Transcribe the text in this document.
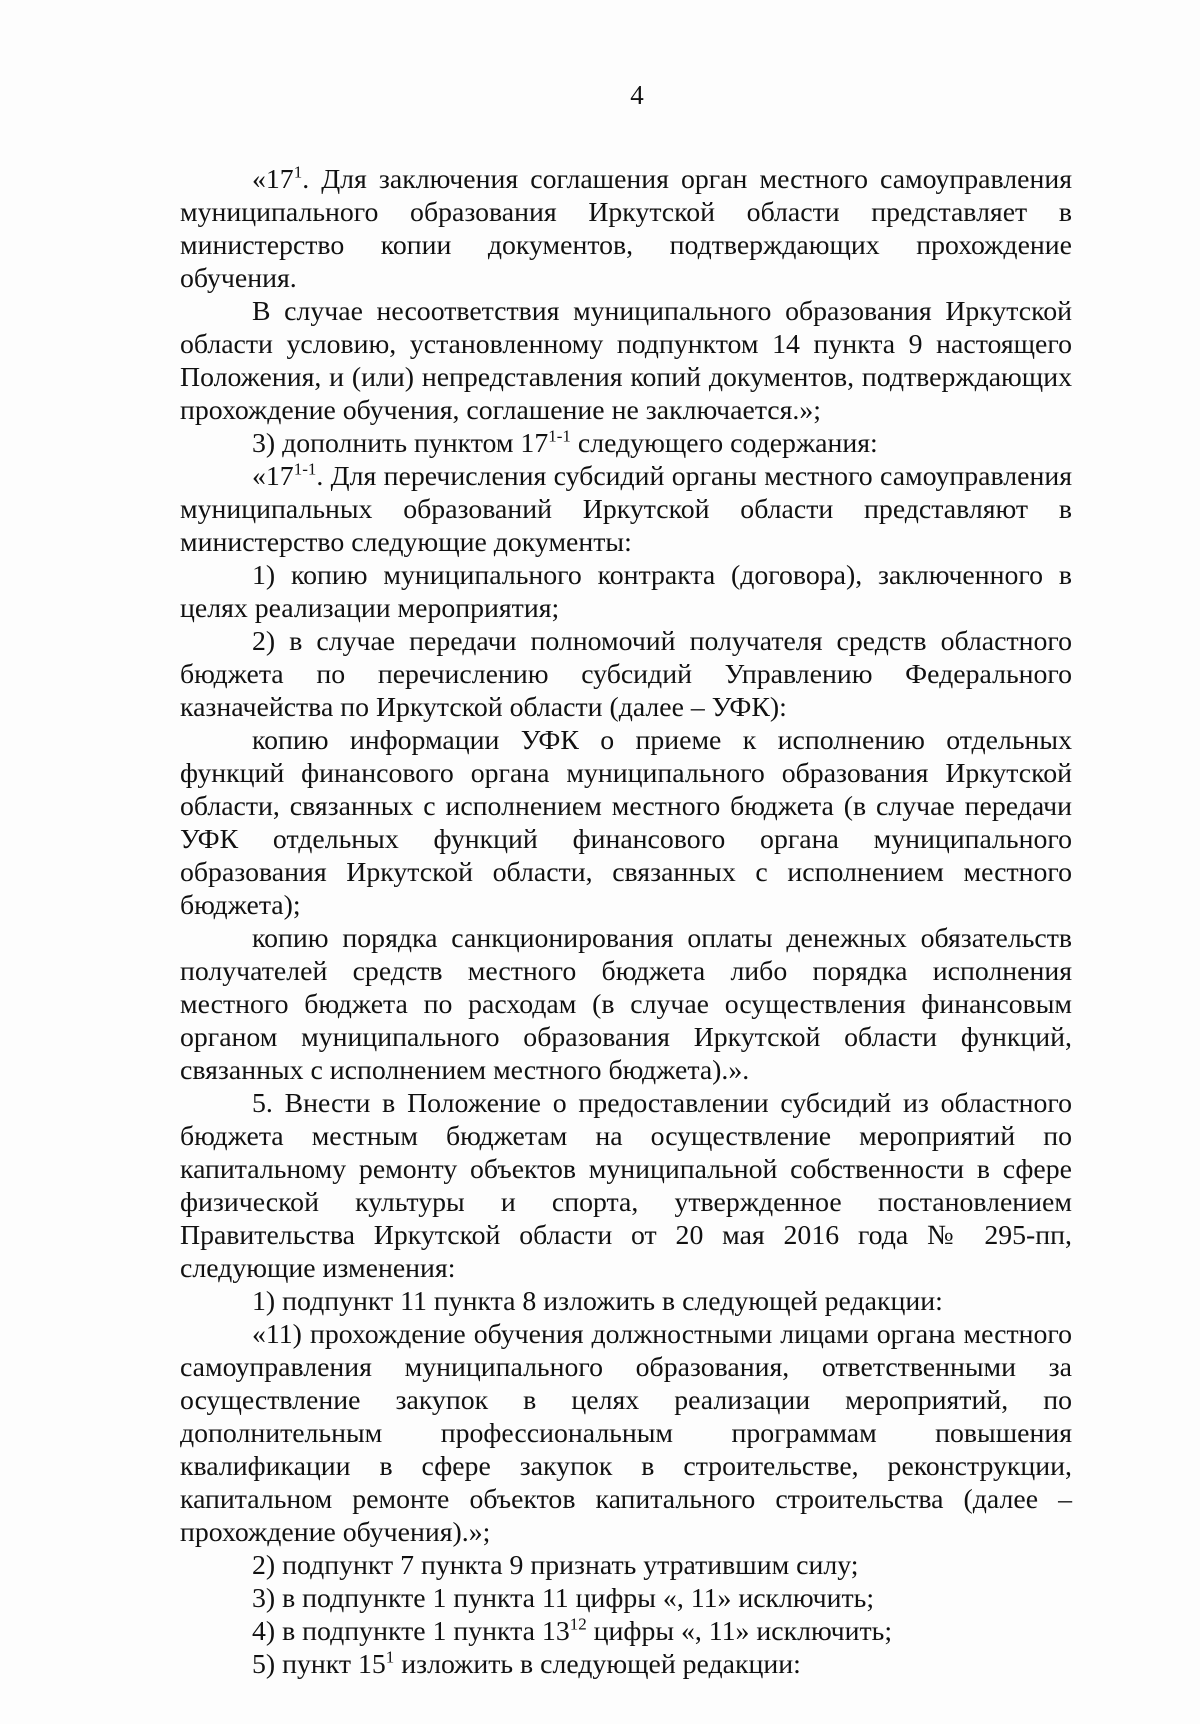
4

«$17^1$. Для заключения соглашения орган местного самоуправления муниципального образования Иркутской области представляет в министерство копии документов, подтверждающих прохождение обучения.

В случае несоответствия муниципального образования Иркутской области условию, установленному подпунктом 14 пункта 9 настоящего Положения, и (или) непредставления копий документов, подтверждающих прохождение обучения, соглашение не заключается.»;

3) дополнить пунктом 17$^{1-1}$ следующего содержания:

«17$^{1-1}$. Для перечисления субсидий органы местного самоуправления муниципальных образований Иркутской области представляют в министерство следующие документы:

1) копию муниципального контракта (договора), заключенного в целях реализации мероприятия;

2) в случае передачи полномочий получателя средств областного бюджета по перечислению субсидий Управлению Федерального казначейства по Иркутской области (далее – УФК):

копию информации УФК о приеме к исполнению отдельных функций финансового органа муниципального образования Иркутской области, связанных с исполнением местного бюджета (в случае передачи УФК отдельных функций финансового органа муниципального образования Иркутской области, связанных с исполнением местного бюджета);

копию порядка санкционирования оплаты денежных обязательств получателей средств местного бюджета либо порядка исполнения местного бюджета по расходам (в случае осуществления финансовым органом муниципального образования Иркутской области функций, связанных с исполнением местного бюджета).».

5. Внести в Положение о предоставлении субсидий из областного бюджета местным бюджетам на осуществление мероприятий по капитальному ремонту объектов муниципальной собственности в сфере физической культуры и спорта, утвержденное постановлением Правительства Иркутской области от 20 мая 2016 года № 295-пп, следующие изменения:

1) подпункт 11 пункта 8 изложить в следующей редакции:

«11) прохождение обучения должностными лицами органа местного самоуправления муниципального образования, ответственными за осуществление закупок в целях реализации мероприятий, по дополнительным профессиональным программам повышения квалификации в сфере закупок в строительстве, реконструкции, капитальном ремонте объектов капитального строительства (далее – прохождение обучения).»;

2) подпункт 7 пункта 9 признать утратившим силу;

3) в подпункте 1 пункта 11 цифры «, 11» исключить;

4) в подпункте 1 пункта $13^{12}$ цифры «, 11» исключить;

5) пункт $15^1$ изложить в следующей редакции:
